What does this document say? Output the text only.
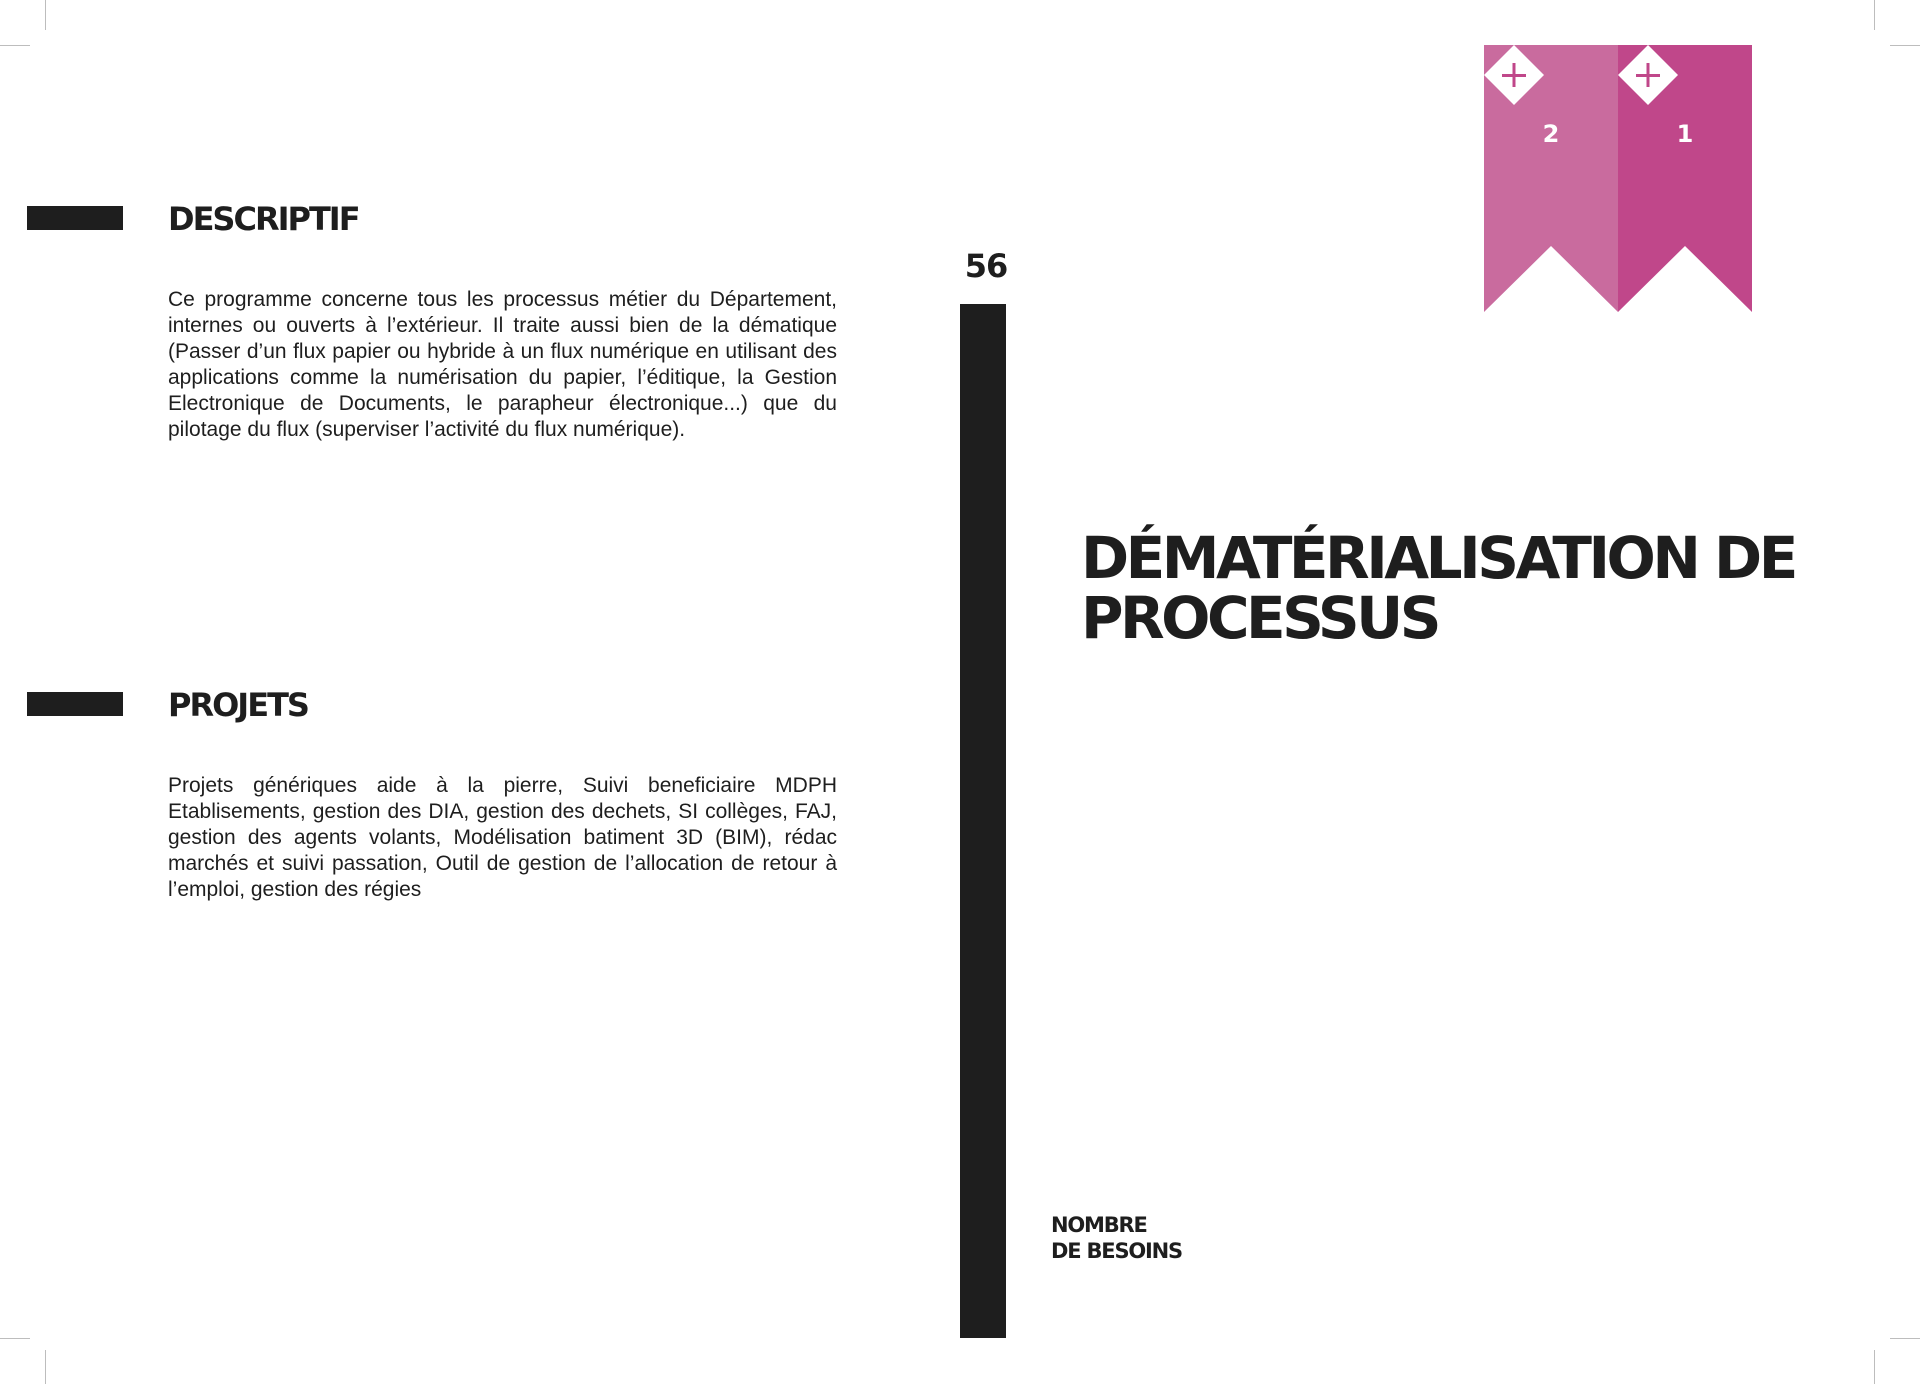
DESCRIPTIF

Ce programme concerne tous les processus métier du Département, internes ou ouverts à l’extérieur. Il traite aussi bien de la dématique (Passer d’un flux papier ou hybride à un flux numérique en utilisant des applications comme la numérisation du papier, l’éditique, la Gestion Electronique de Documents, le parapheur électronique...) que du pilotage du flux (superviser l’activité du flux numérique).

PROJETS

Projets génériques aide à la pierre, Suivi beneficiaire MDPH Etablisements, gestion des DIA, gestion des dechets, SI collèges, FAJ, gestion des agents volants, Modélisation batiment 3D (BIM), rédac marchés et suivi passation, Outil de gestion de l’allocation de retour à l’emploi, gestion des régies

56
DÉMATÉRIALISATION DE
PROCESSUS

NOMBRE
DE BESOINS

2	1
